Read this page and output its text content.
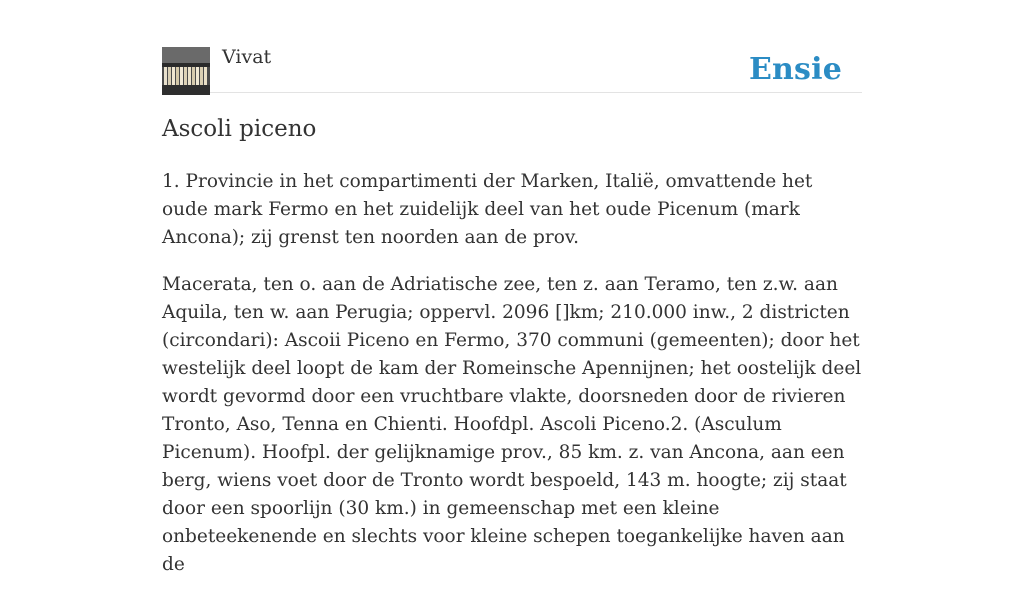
Vivat	Ensie
Ascoli piceno

1. Provincie in het compartimenti der Marken, Italië, omvattende het oude mark Fermo en het zuidelijk deel van het oude Picenum (mark Ancona); zij grenst ten noorden aan de prov.

Macerata, ten o. aan de Adriatische zee, ten z. aan Teramo, ten z.w. aan Aquila, ten w. aan Perugia; oppervl. 2096 []km; 210.000 inw., 2 districten (circondari): Ascoii Piceno en Fermo, 370 communi (gemeenten); door het westelijk deel loopt de kam der Romeinsche Apennijnen; het oostelijk deel wordt gevormd door een vruchtbare vlakte, doorsneden door de rivieren Tronto, Aso, Tenna en Chienti. Hoofdpl. Ascoli Piceno.2. (Asculum Picenum). Hoofpl. der gelijknamige prov., 85 km. z. van Ancona, aan een berg, wiens voet door de Tronto wordt bespoeld, 143 m. hoogte; zij staat door een spoorlijn (30 km.) in gemeenschap met een kleine onbeteekenende en slechts voor kleine schepen toegankelijke haven aan de
